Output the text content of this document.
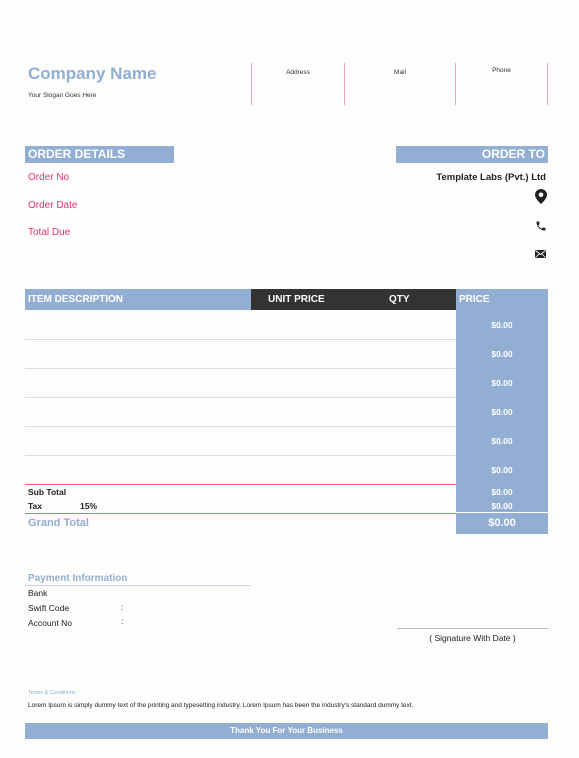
Company Name
Your Slogan Goes Here
Address	Mail	Phone
ORDER DETAILS
Order No
Order Date
Total Due
ORDER TO
Template Labs (Pvt.) Ltd
ITEM DESCRIPTION	UNIT PRICE	QTY	PRICE
$0.00
$0.00
$0.00
$0.00
$0.00
$0.00
Sub Total	$0.00
Tax	15%	$0.00
Grand Total	$0.00
Payment Information
Bank
Swift Code	:
Account No	:
( Signature With Date )
Terms & Conditions :
Lorem Ipsum is simply dummy text of the printing and typesetting industry. Lorem Ipsum has been the industry's standard dummy text.
Thank You For Your Business
